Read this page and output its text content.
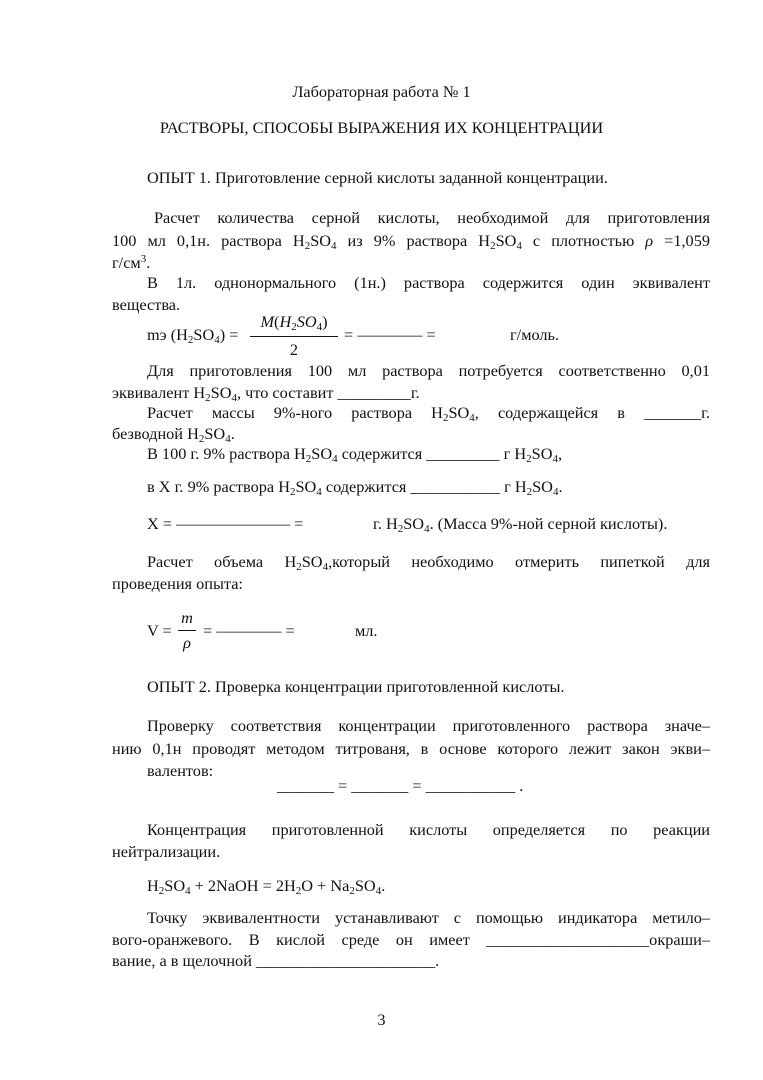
Лабораторная работа № 1
РАСТВОРЫ, СПОСОБЫ ВЫРАЖЕНИЯ ИХ КОНЦЕНТРАЦИИ
ОПЫТ 1. Приготовление серной кислоты заданной концентрации.
Расчет количества серной кислоты, необходимой для приготовления
100 мл 0,1н. раствора $H_2SO_4$ из 9% раствора $H_2SO_4$ с плотностью ρ =1,059
$г/см^3$.
В 1л. однонормального (1н.) раствора содержится один эквивалент
вещества.
mэ $(H_2SO_4)$ =
$M(H_2SO_4)$
2
= ———— =	г/моль.
Для приготовления 100 мл раствора потребуется соответственно 0,01
эквивалент $H_2SO_4$, что составит _________г.
Расчет массы 9%-ного раствора $H_2SO_4$, содержащейся в _______г.
безводной $H_2SO_4$.
В 100 г. 9% раствора $H_2SO_4$ содержится _________ г $H_2SO_4$,
в X г. 9% раствора $H_2SO_4$ содержится ___________ г $H_2SO_4$.
X = ——————— =	г. $H_2SO_4$. (Масса 9%-ной серной кислоты).
Расчет объема $H_2SO_4,который$ необходимо отмерить пипеткой для
проведения опыта:
V =
m
ρ
= ———— =	мл.
ОПЫТ 2. Проверка концентрации приготовленной кислоты.
Проверку соответствия концентрации приготовленного раствора значе–
нию 0,1н проводят методом титрованя, в основе которого лежит закон экви–
валентов:
_______ = _______ = ___________ .
Концентрация приготовленной кислоты определяется по реакции
нейтрализации.
$H_2SO_4$ + 2NaOH = $2H_2O + Na_2SO_4$.
Точку эквивалентности устанавливают с помощью индикатора метило–
вого-оранжевого. В кислой среде он имеет ____________________окраши–
вание, а в щелочной ______________________.
3
